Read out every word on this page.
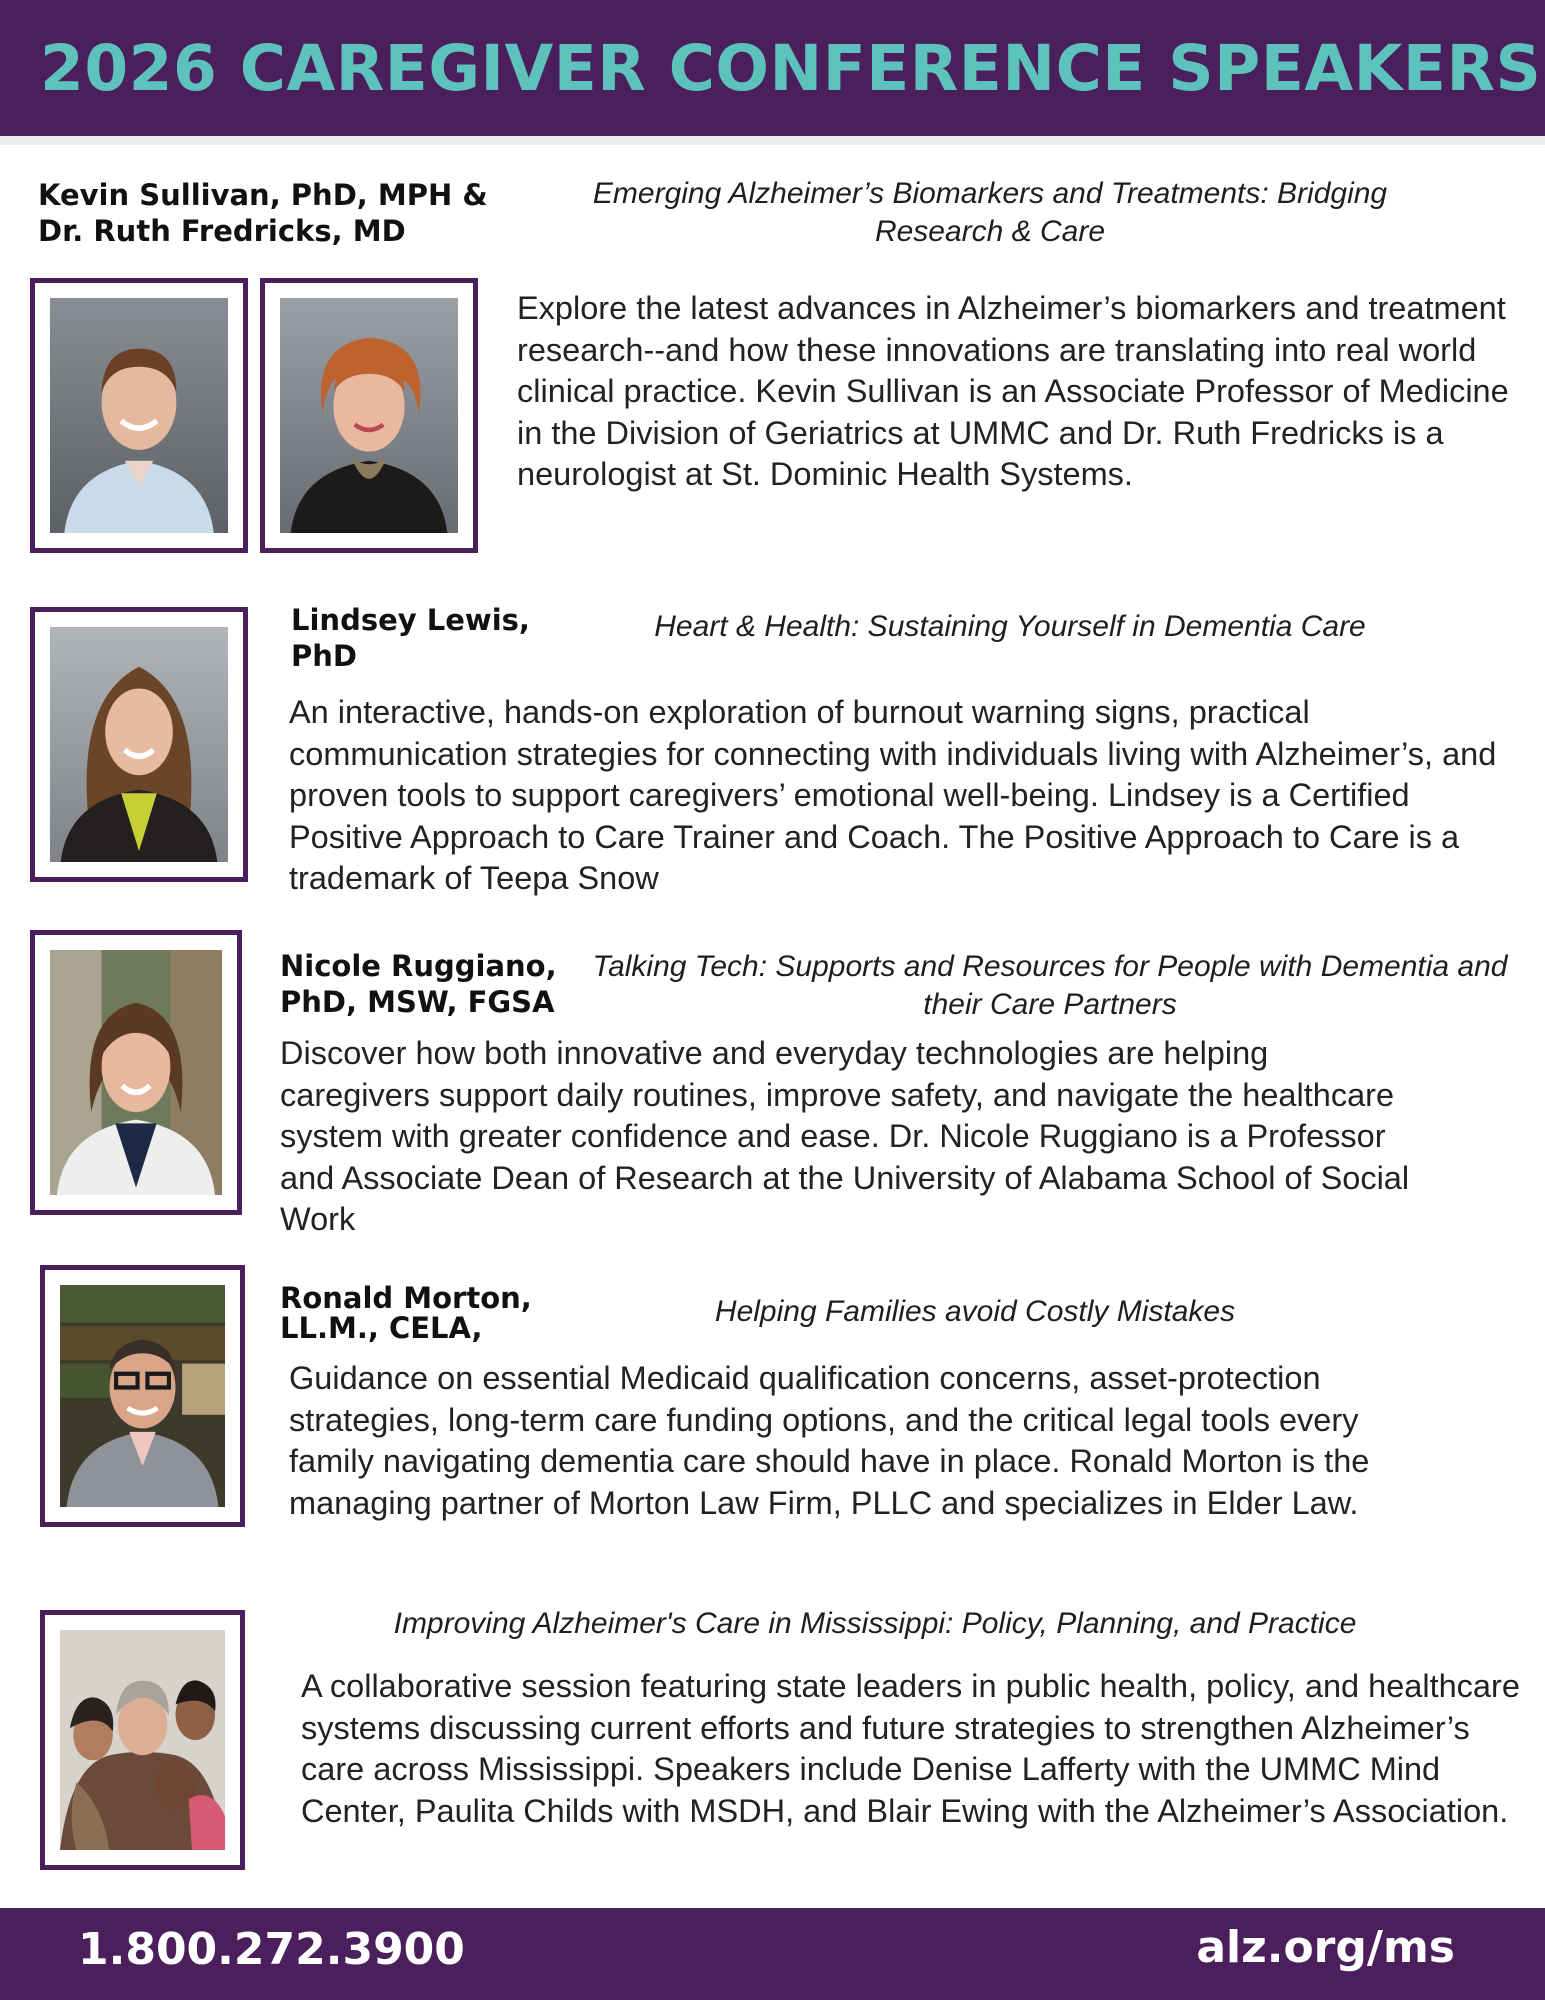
2026 CAREGIVER CONFERENCE SPEAKERS

Kevin Sullivan, PhD, MPH &
Dr. Ruth Fredricks, MD

Emerging Alzheimer’s Biomarkers and Treatments: Bridging Research & Care

Explore the latest advances in Alzheimer’s biomarkers and treatment research--and how these innovations are translating into real world clinical practice. Kevin Sullivan is an Associate Professor of Medicine in the Division of Geriatrics at UMMC and Dr. Ruth Fredricks is a neurologist at St. Dominic Health Systems.

Lindsey Lewis,
PhD

Heart & Health: Sustaining Yourself in Dementia Care

An interactive, hands-on exploration of burnout warning signs, practical communication strategies for connecting with individuals living with Alzheimer’s, and proven tools to support caregivers’ emotional well-being. Lindsey is a Certified Positive Approach to Care Trainer and Coach. The Positive Approach to Care is a trademark of Teepa Snow

Nicole Ruggiano,
PhD, MSW, FGSA

Talking Tech: Supports and Resources for People with Dementia and their Care Partners

Discover how both innovative and everyday technologies are helping caregivers support daily routines, improve safety, and navigate the healthcare system with greater confidence and ease. Dr. Nicole Ruggiano is a Professor and Associate Dean of Research at the University of Alabama School of Social Work

Ronald Morton,
LL.M., CELA,	Helping Families avoid Costly Mistakes

Guidance on essential Medicaid qualification concerns, asset-protection strategies, long-term care funding options, and the critical legal tools every family navigating dementia care should have in place. Ronald Morton is the managing partner of Morton Law Firm, PLLC and specializes in Elder Law.

Improving Alzheimer's Care in Mississippi: Policy, Planning, and Practice

A collaborative session featuring state leaders in public health, policy, and healthcare systems discussing current efforts and future strategies to strengthen Alzheimer’s care across Mississippi. Speakers include Denise Lafferty with the UMMC Mind Center, Paulita Childs with MSDH, and Blair Ewing with the Alzheimer’s Association.

1.800.272.3900	alz.org/ms
